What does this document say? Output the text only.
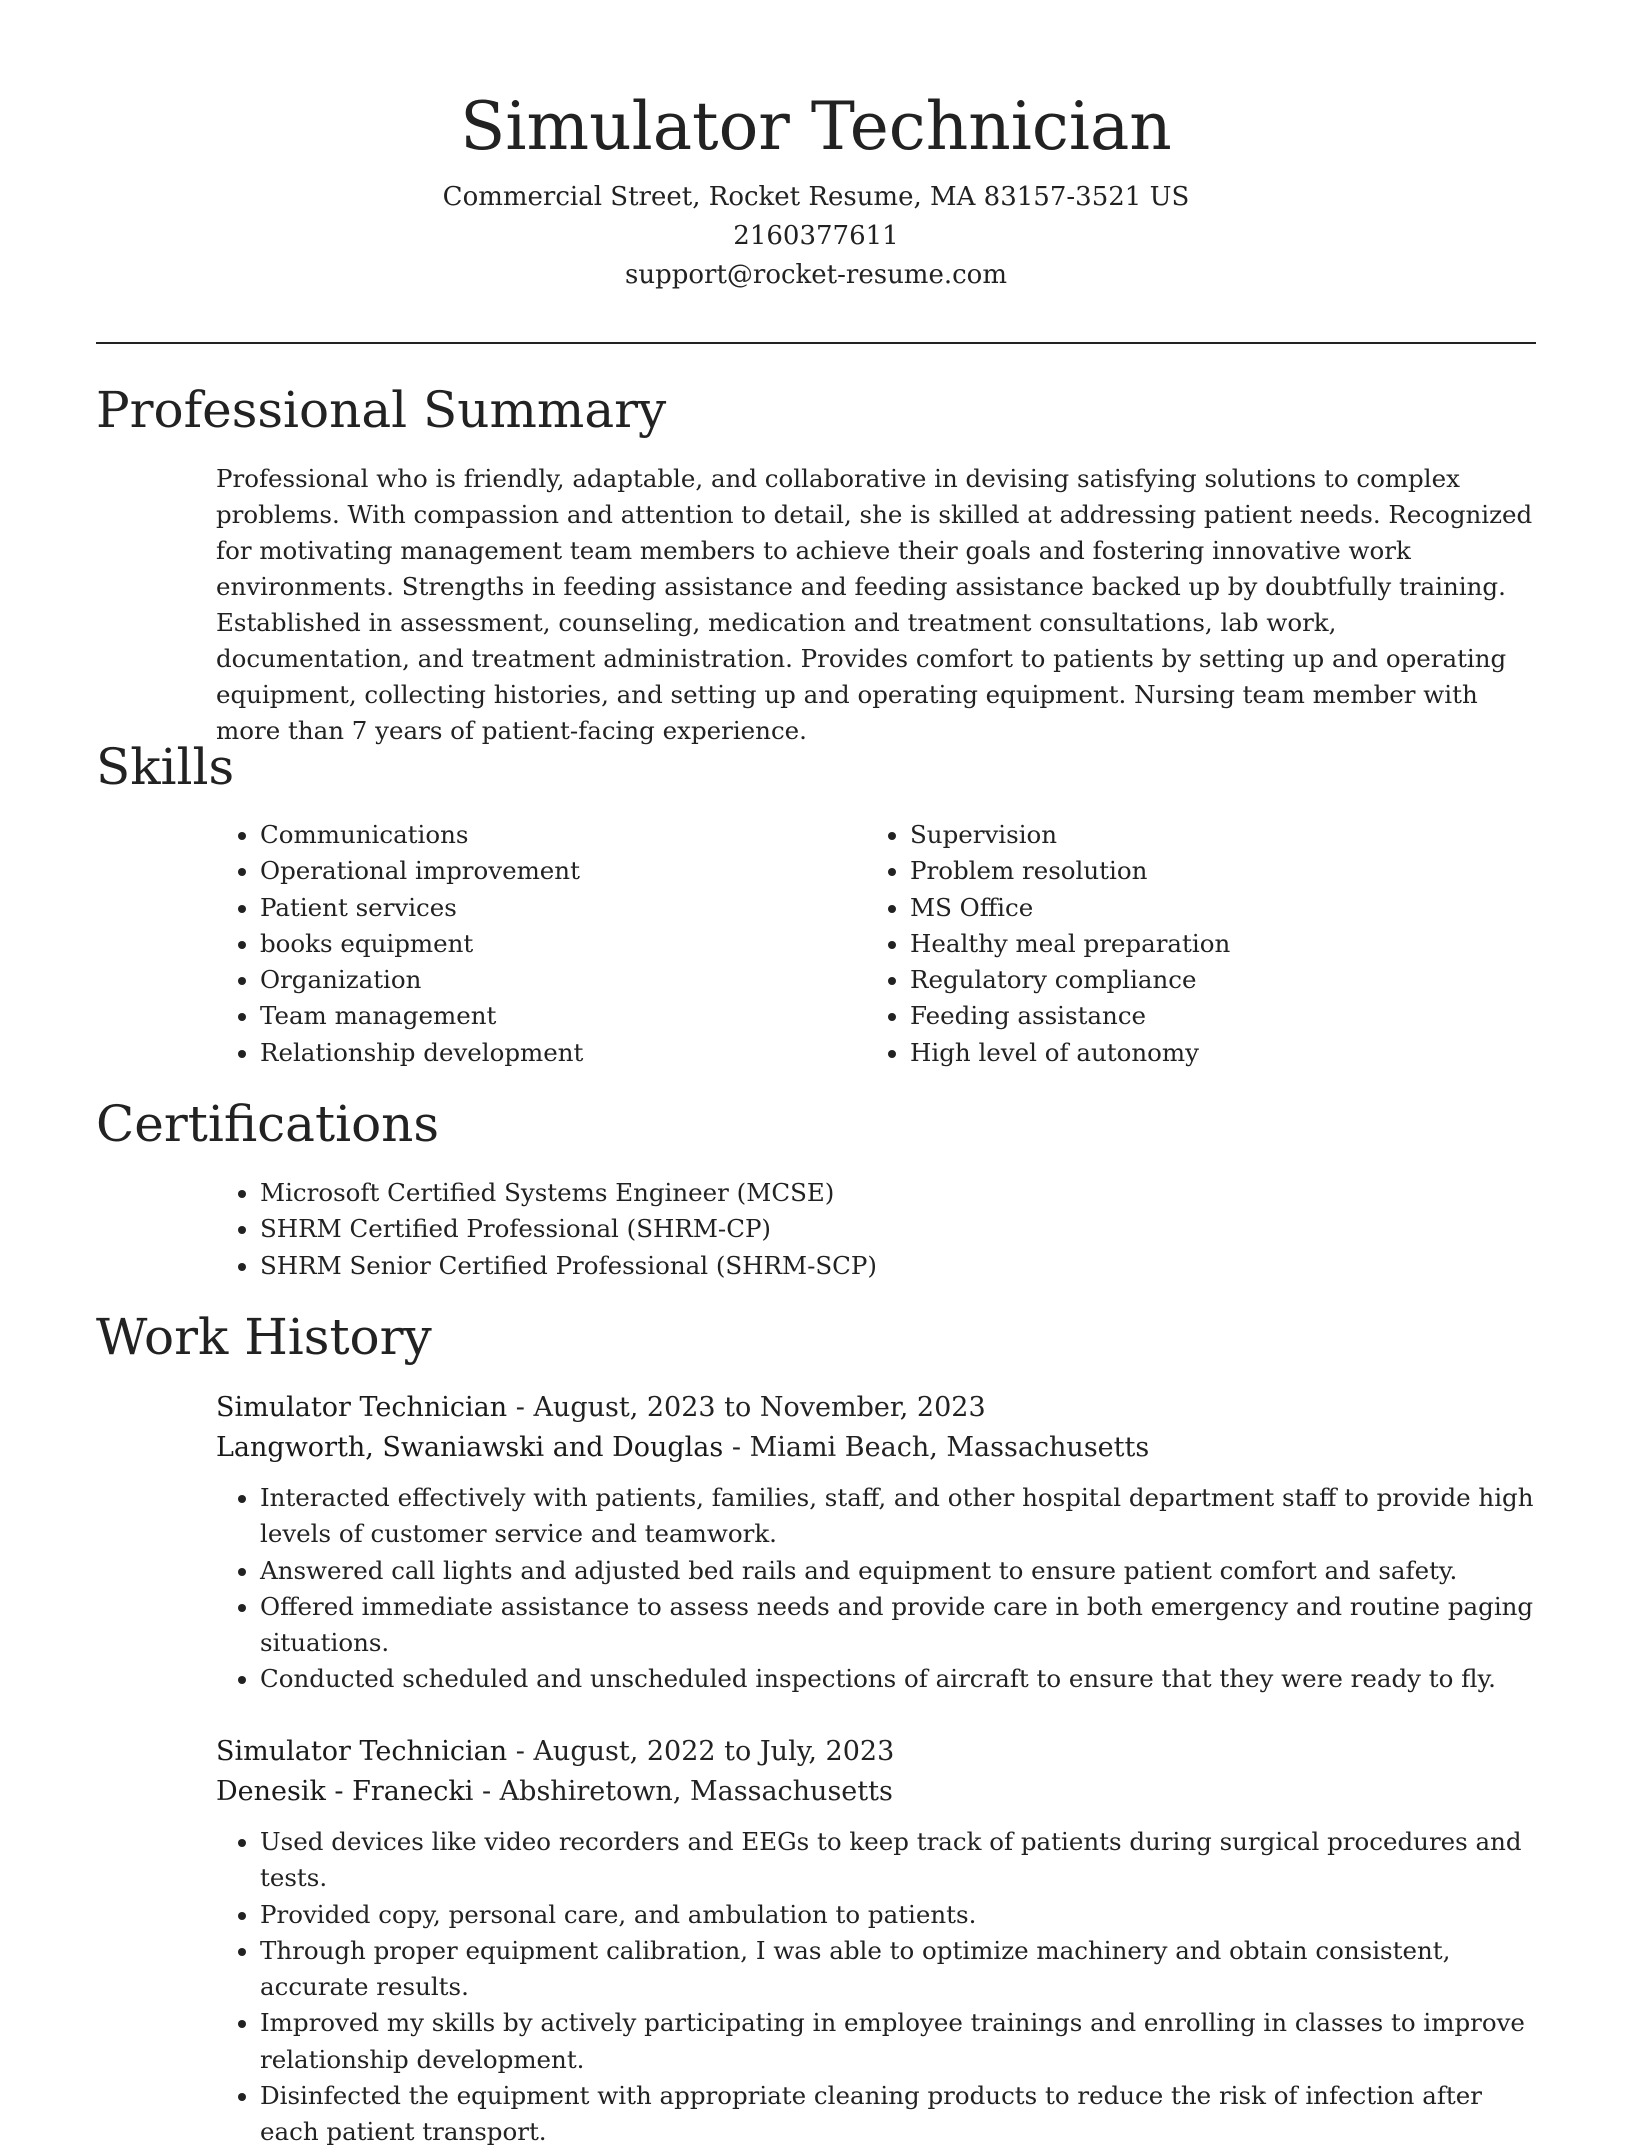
Simulator Technician
Commercial Street, Rocket Resume, MA 83157-3521 US
2160377611
support@rocket-resume.com
Professional Summary

Professional who is friendly, adaptable, and collaborative in devising satisfying solutions to complex problems. With compassion and attention to detail, she is skilled at addressing patient needs. Recognized for motivating management team members to achieve their goals and fostering innovative work environments. Strengths in feeding assistance and feeding assistance backed up by doubtfully training. Established in assessment, counseling, medication and treatment consultations, lab work, documentation, and treatment administration. Provides comfort to patients by setting up and operating equipment, collecting histories, and setting up and operating equipment. Nursing team member with more than 7 years of patient-facing experience.

Skills
• Communications
• Operational improvement
• Patient services
• books equipment
• Organization
• Team management
• Relationship development
• Supervision
• Problem resolution
• MS Office
• Healthy meal preparation
• Regulatory compliance
• Feeding assistance
• High level of autonomy
Certifications
• Microsoft Certified Systems Engineer (MCSE)
• SHRM Certified Professional (SHRM-CP)
• SHRM Senior Certified Professional (SHRM-SCP)
Work History

Simulator Technician - August, 2023 to November, 2023

Langworth, Swaniawski and Douglas - Miami Beach, Massachusetts

• Interacted effectively with patients, families, staff, and other hospital department staff to provide high levels of customer service and teamwork.
• Answered call lights and adjusted bed rails and equipment to ensure patient comfort and safety.
• Offered immediate assistance to assess needs and provide care in both emergency and routine paging situations.
• Conducted scheduled and unscheduled inspections of aircraft to ensure that they were ready to fly.

Simulator Technician - August, 2022 to July, 2023

Denesik - Franecki - Abshiretown, Massachusetts

• Used devices like video recorders and EEGs to keep track of patients during surgical procedures and tests.
• Provided copy, personal care, and ambulation to patients.
• Through proper equipment calibration, I was able to optimize machinery and obtain consistent, accurate results.
• Improved my skills by actively participating in employee trainings and enrolling in classes to improve relationship development.
• Disinfected the equipment with appropriate cleaning products to reduce the risk of infection after each patient transport.
